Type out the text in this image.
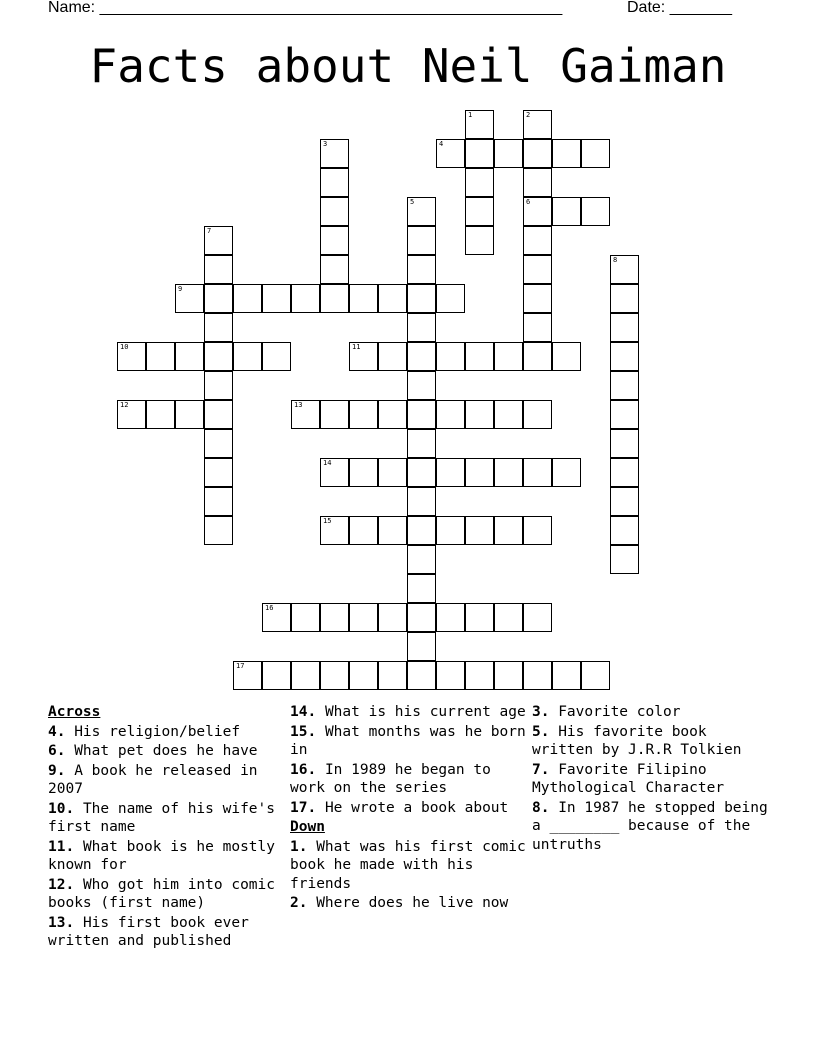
Name: ____________________________________________________	Date: _______
Facts about Neil Gaiman
1	2
3	4
5	6
7
8
9
10	11
12	13
14
15
16
17

Across

4. His religion/belief

6. What pet does he have

9. A book he released in 2007

10. The name of his wife's first name

11. What book is he mostly known for

12. Who got him into comic books (first name)

13. His first book ever written and published

14. What is his current age

15. What months was he born in

16. In 1989 he began to work on the series

17. He wrote a book about

Down

1. What was his first comic book he made with his friends

2. Where does he live now

3. Favorite color

5. His favorite book written by J.R.R Tolkien

7. Favorite Filipino Mythological Character

8. In 1987 he stopped being a ________ because of the untruths
